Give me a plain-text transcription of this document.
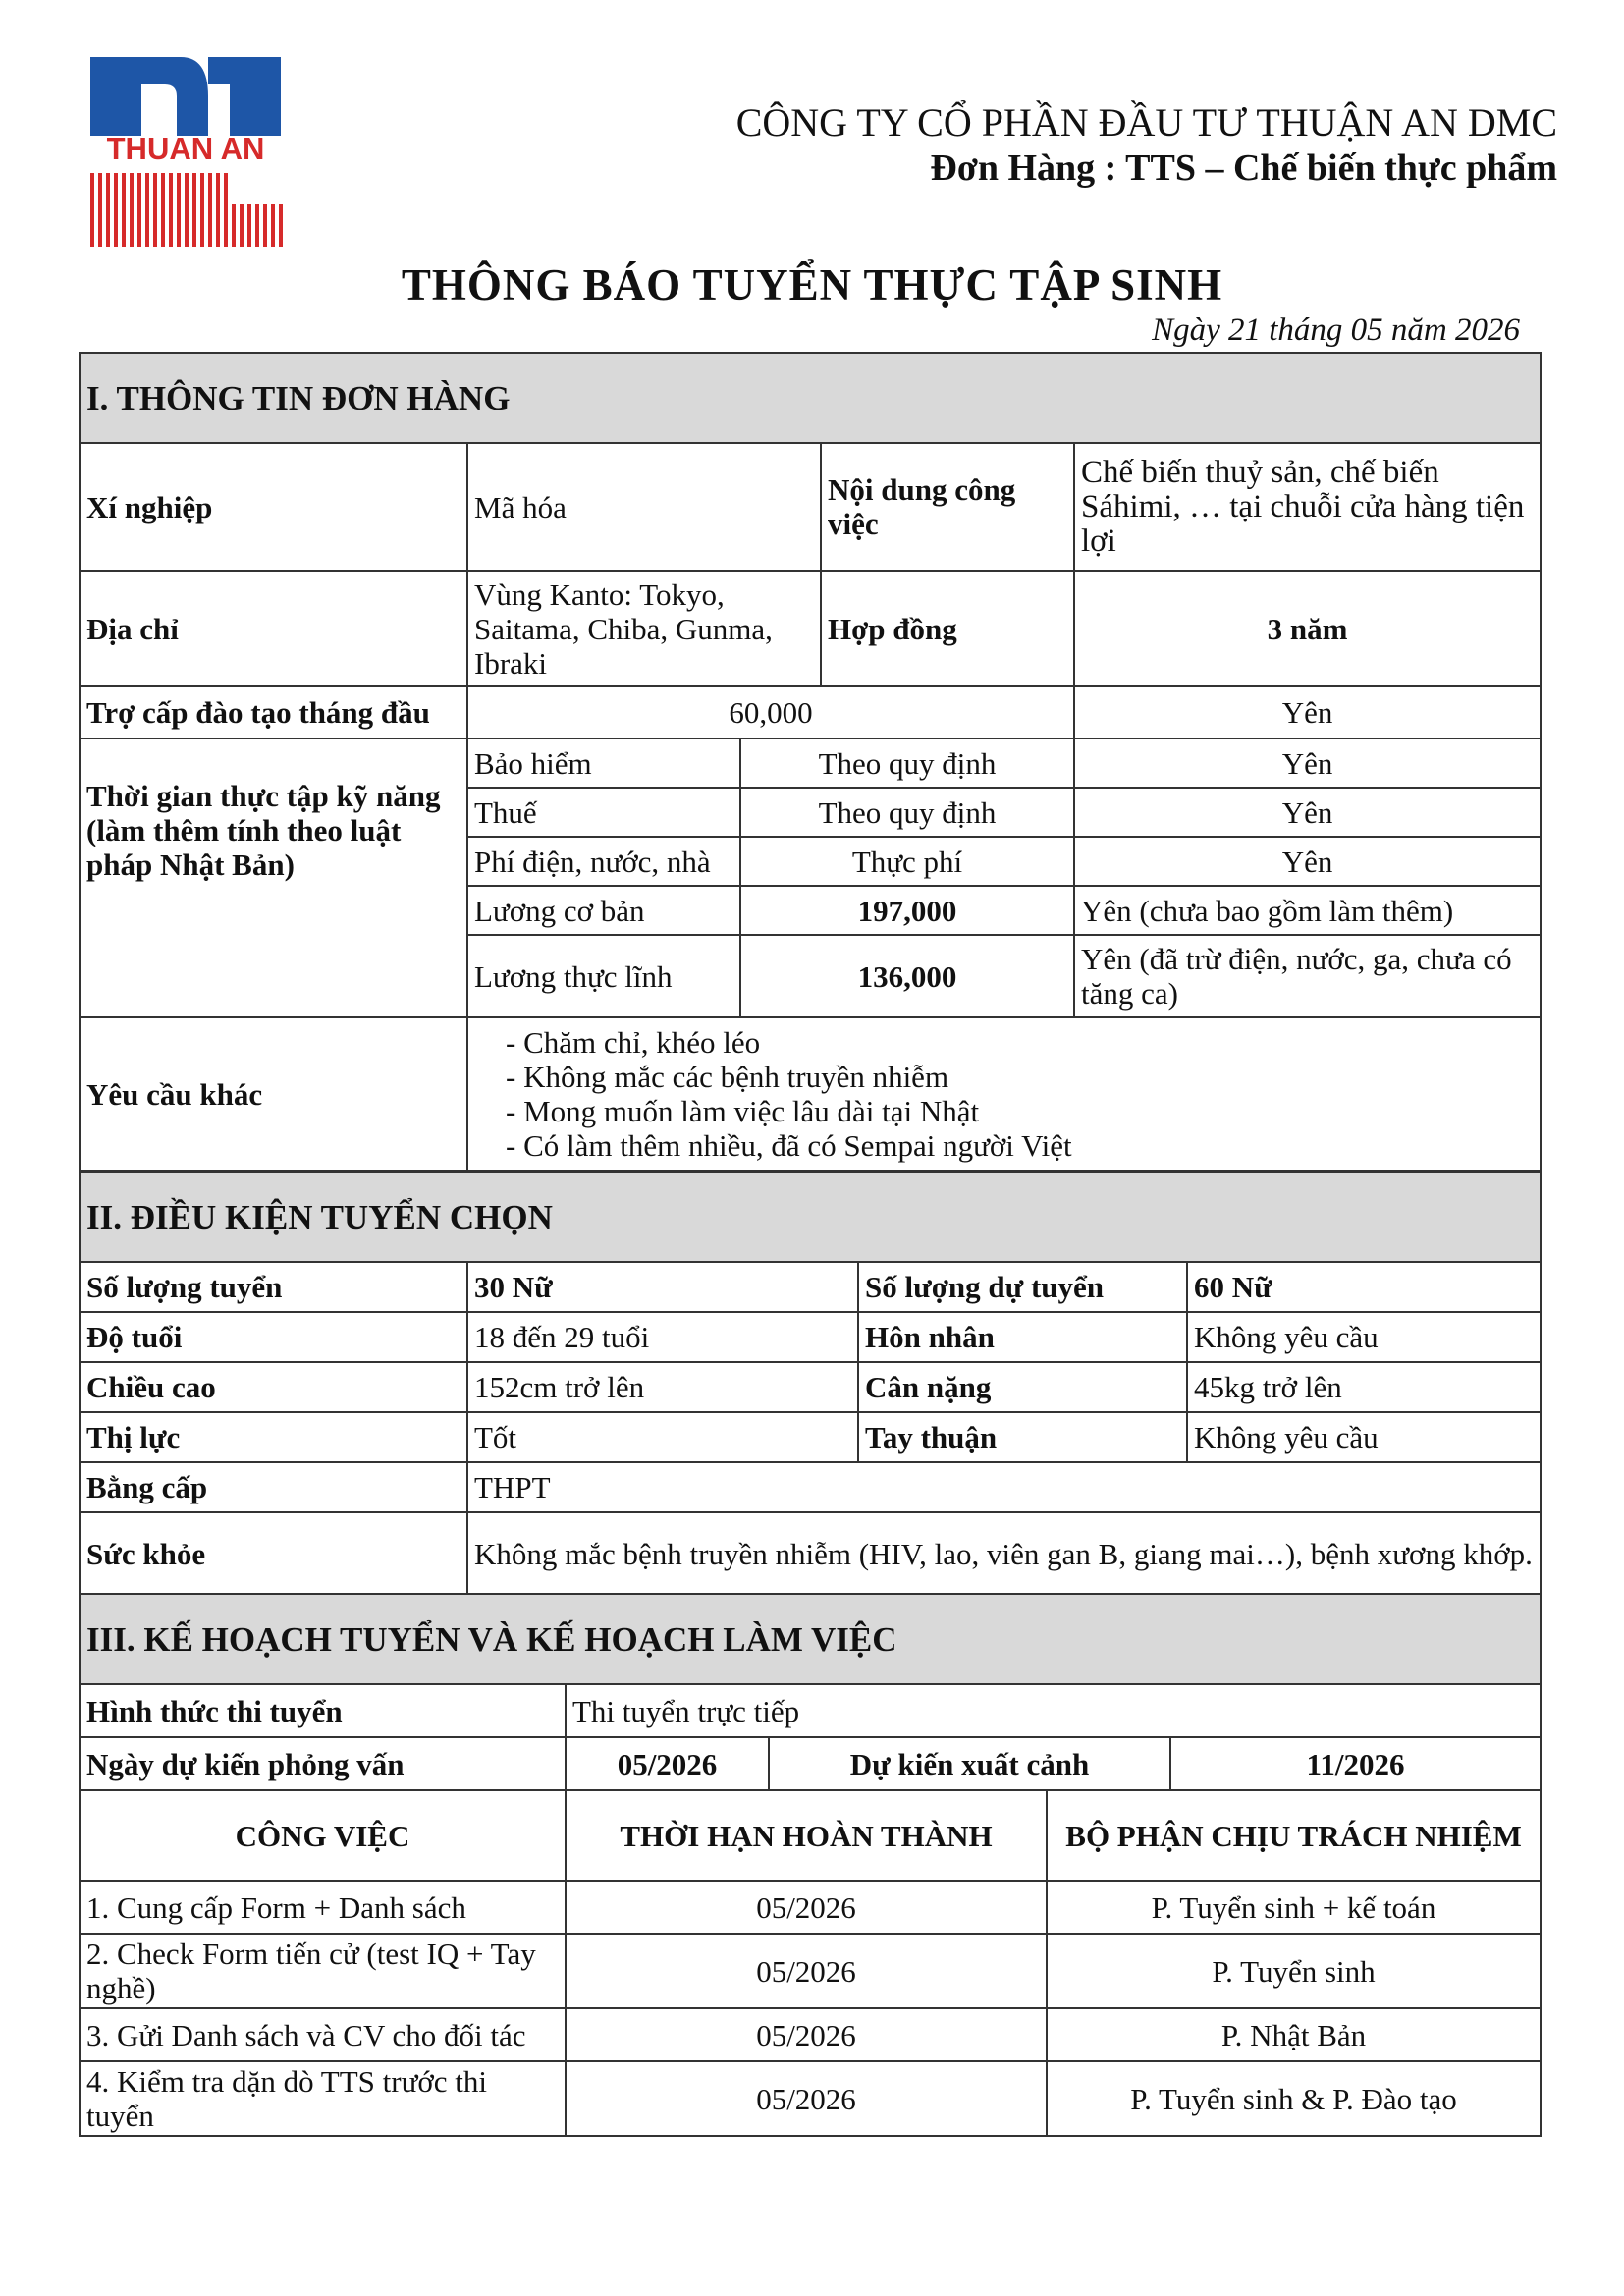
THUAN AN
CÔNG TY CỔ PHẦN ĐẦU TƯ THUẬN AN DMC
Đơn Hàng : TTS – Chế biến thực phẩm
THÔNG BÁO TUYỂN THỰC TẬP SINH
Ngày 21 tháng 05 năm 2026
I. THÔNG TIN ĐƠN HÀNG				
Xí nghiệp	Mã hóa		Nội dung công việc	Chế biến thuỷ sản, chế biến Sáhimi, … tại chuỗi cửa hàng tiện lợi
Địa chỉ	Vùng Kanto: Tokyo, Saitama, Chiba, Gunma, Ibraki		Hợp đồng	3 năm
Trợ cấp đào tạo tháng đầu	60,000			Yên
Thời gian thực tập kỹ năng (làm thêm tính theo luật pháp Nhật Bản)	Bảo hiểm	Theo quy định		Yên
	Thuế	Theo quy định		Yên
	Phí điện, nước, nhà	Thực phí		Yên
	Lương cơ bản	197,000		Yên (chưa bao gồm làm thêm)
	Lương thực lĩnh	136,000		Yên (đã trừ điện, nước, ga, chưa có tăng ca)
Yêu cầu khác	- Chăm chỉ, khéo léo
- Không mắc các bệnh truyền nhiễm
- Mong muốn làm việc lâu dài tại Nhật
- Có làm thêm nhiều, đã có Sempai người Việt			
II. ĐIỀU KIỆN TUYỂN CHỌN			
Số lượng tuyển	30 Nữ	Số lượng dự tuyển	60 Nữ
Độ tuổi	18 đến 29 tuổi	Hôn nhân	Không yêu cầu
Chiều cao	152cm trở lên	Cân nặng	45kg trở lên
Thị lực	Tốt	Tay thuận	Không yêu cầu
Bằng cấp	THPT		
Sức khỏe	Không mắc bệnh truyền nhiễm (HIV, lao, viên gan B, giang mai…), bệnh xương khớp.		
III. KẾ HOẠCH TUYỂN VÀ KẾ HOẠCH LÀM VIỆC				
Hình thức thi tuyển	Thi tuyển trực tiếp			
Ngày dự kiến phỏng vấn	05/2026	Dự kiến xuất cảnh		11/2026
CÔNG VIỆC	THỜI HẠN HOÀN THÀNH		BỘ PHẬN CHỊU TRÁCH NHIỆM	
1. Cung cấp Form + Danh sách	05/2026		P. Tuyển sinh + kế toán	
2. Check Form tiến cử (test IQ + Tay nghề)	05/2026		P. Tuyển sinh	
3. Gửi Danh sách và CV cho đối tác	05/2026		P. Nhật Bản	
4. Kiểm tra dặn dò TTS trước thi tuyển	05/2026		P. Tuyển sinh & P. Đào tạo	
